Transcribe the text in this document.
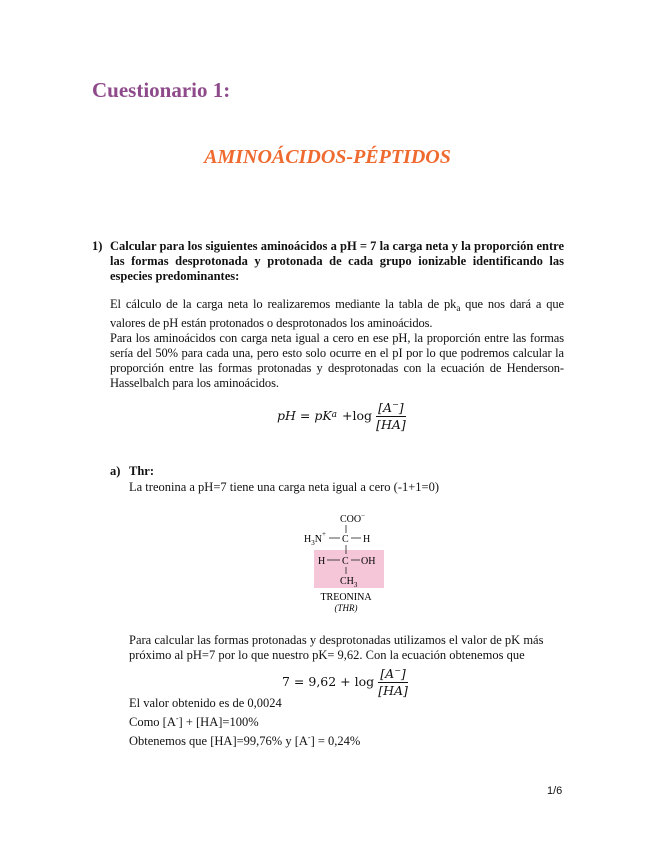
Cuestionario 1:
AMINOÁCIDOS-PÉPTIDOS
1) Calcular para los siguientes aminoácidos a pH = 7 la carga neta y la proporción entre las formas desprotonada y protonada de cada grupo ionizable identificando las especies predominantes:

El cálculo de la carga neta lo realizaremos mediante la tabla de $pk_a$ que nos dará a que valores de pH están protonados o desprotonados los aminoácidos.

Para los aminoácidos con carga neta igual a cero en ese pH, la proporción entre las formas sería del 50% para cada una, pero esto solo ocurre en el pI por lo que podremos calcular la proporción entre las formas protonadas y desprotonadas con la ecuación de Henderson-Hasselbalch para los aminoácidos.

pH = pK $a + \log \frac{[A^-]}{[HA]}$
a) Thr:
La treonina a pH=7 tiene una carga neta igual a cero (-1+1=0)
COO−
$H_3N^+$ C H
H C OH
$CH_3$
TREONINA
(THR)
Para calcular las formas protonadas y desprotonadas utilizamos el valor de pK más próximo al pH=7 por lo que nuestro pK= 9,62. Con la ecuación obtenemos que
$7 = 9,62 + \log \frac{[A^-]}{[HA]}$

El valor obtenido es de 0,0024

Como [A-] + [HA]=100%

Obtenemos que [HA]=99,76% y [A-] = 0,24%

1/6
